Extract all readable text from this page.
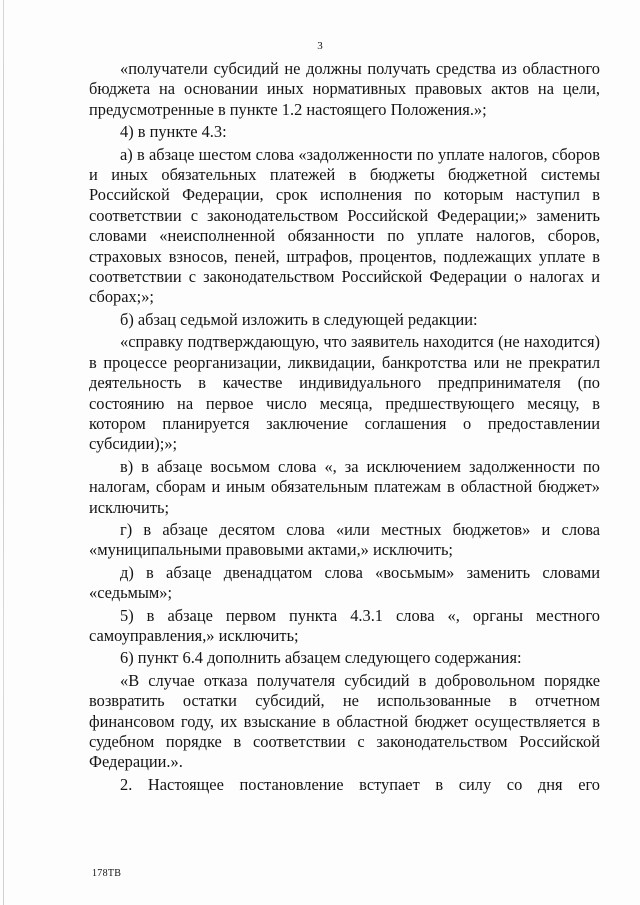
3

«получатели субсидий не должны получать средства из областного бюджета на основании иных нормативных правовых актов на цели, предусмотренные в пункте 1.2 настоящего Положения.»;

4) в пункте 4.3:

а) в абзаце шестом слова «задолженности по уплате налогов, сборов и иных обязательных платежей в бюджеты бюджетной системы Российской Федерации, срок исполнения по которым наступил в соответствии с законодательством Российской Федерации;» заменить словами «неисполненной обязанности по уплате налогов, сборов, страховых взносов, пеней, штрафов, процентов, подлежащих уплате в соответствии с законодательством Российской Федерации о налогах и сборах;»;

б) абзац седьмой изложить в следующей редакции:

«справку подтверждающую, что заявитель находится (не находится) в процессе реорганизации, ликвидации, банкротства или не прекратил деятельность в качестве индивидуального предпринимателя (по состоянию на первое число месяца, предшествующего месяцу, в котором планируется заключение соглашения о предоставлении субсидии);»;

в) в абзаце восьмом слова «, за исключением задолженности по налогам, сборам и иным обязательным платежам в областной бюджет» исключить;

г) в абзаце десятом слова «или местных бюджетов» и слова «муниципальными правовыми актами,» исключить;

д) в абзаце двенадцатом слова «восьмым» заменить словами «седьмым»;

5) в абзаце первом пункта 4.3.1 слова «, органы местного самоуправления,» исключить;

6) пункт 6.4 дополнить абзацем следующего содержания:

«В случае отказа получателя субсидий в добровольном порядке возвратить остатки субсидий, не использованные в отчетном финансовом году, их взыскание в областной бюджет осуществляется в судебном порядке в соответствии с законодательством Российской Федерации.».

2. Настоящее постановление вступает в силу со дня его

178ТВ
